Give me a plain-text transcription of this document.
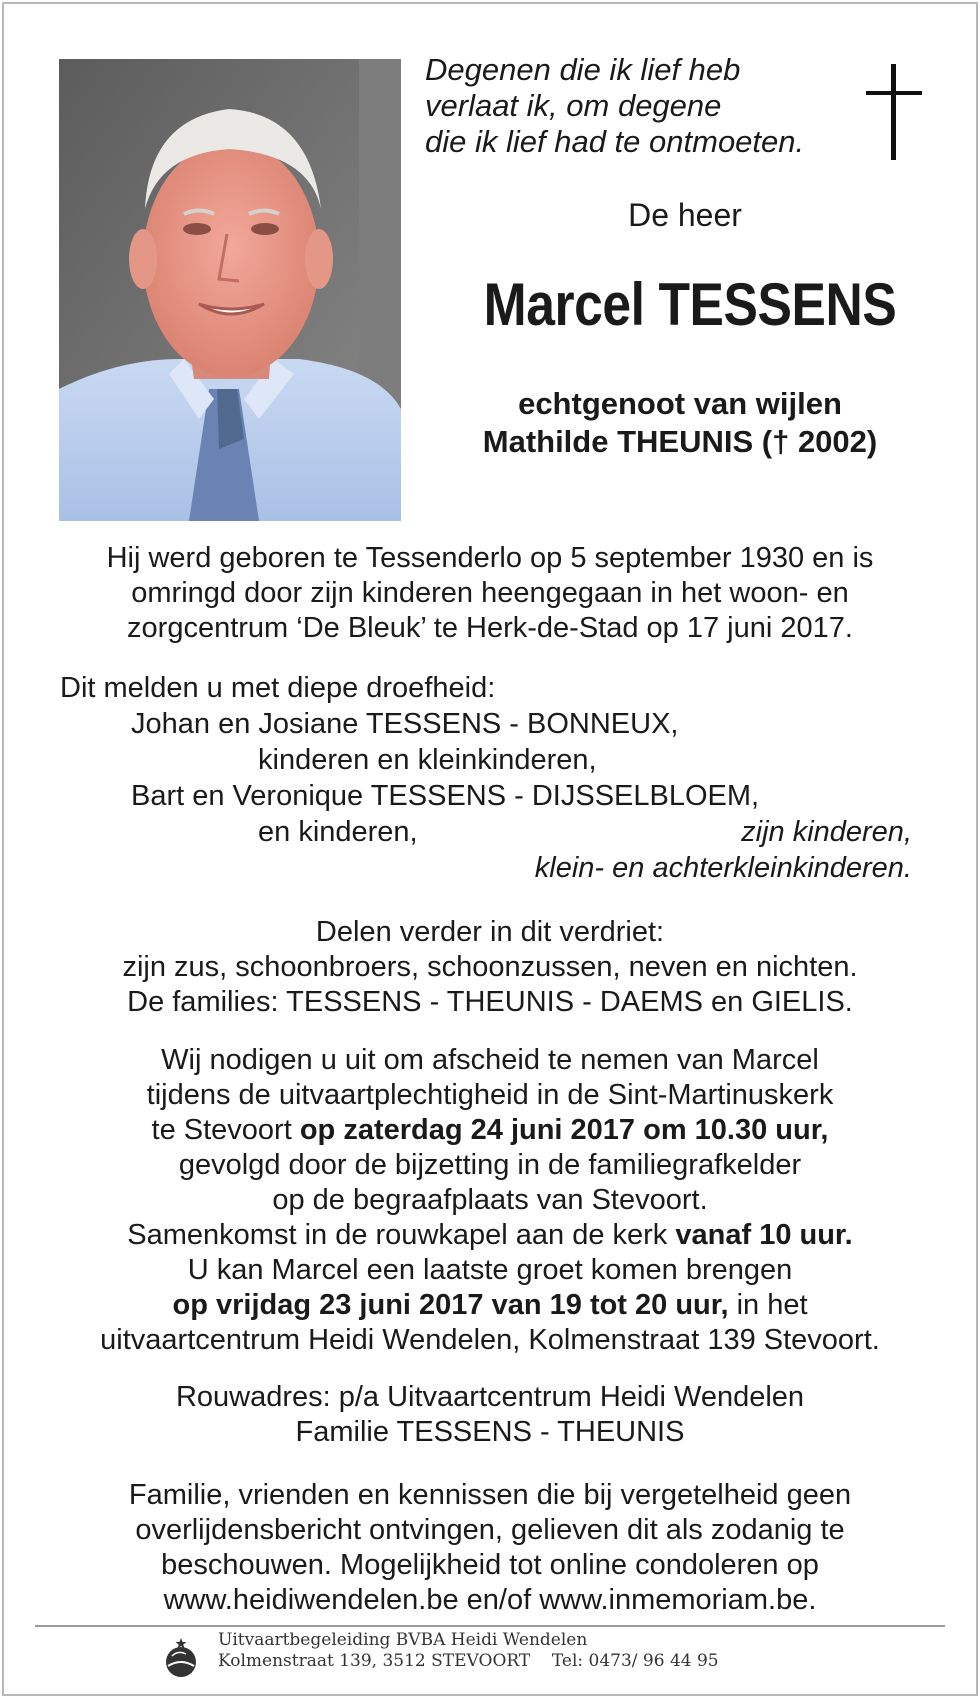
Degenen die ik lief heb
verlaat ik, om degene
die ik lief had te ontmoeten.
De heer
Marcel TESSENS
echtgenoot van wijlen
Mathilde THEUNIS († 2002)
Hij werd geboren te Tessenderlo op 5 september 1930 en is
omringd door zijn kinderen heengegaan in het woon- en
zorgcentrum ‘De Bleuk’ te Herk-de-Stad op 17 juni 2017.
Dit melden u met diepe droefheid:
Johan en Josiane TESSENS - BONNEUX,
kinderen en kleinkinderen,
Bart en Veronique TESSENS - DIJSSELBLOEM,
en kinderen,	zijn kinderen,
klein- en achterkleinkinderen.
Delen verder in dit verdriet:
zijn zus, schoonbroers, schoonzussen, neven en nichten.
De families: TESSENS - THEUNIS - DAEMS en GIELIS.
Wij nodigen u uit om afscheid te nemen van Marcel
tijdens de uitvaartplechtigheid in de Sint-Martinuskerk
te Stevoort op zaterdag 24 juni 2017 om 10.30 uur,
gevolgd door de bijzetting in de familiegrafkelder
op de begraafplaats van Stevoort.
Samenkomst in de rouwkapel aan de kerk vanaf 10 uur.
U kan Marcel een laatste groet komen brengen
op vrijdag 23 juni 2017 van 19 tot 20 uur, in het
uitvaartcentrum Heidi Wendelen, Kolmenstraat 139 Stevoort.
Rouwadres: p/a Uitvaartcentrum Heidi Wendelen
Familie TESSENS - THEUNIS
Familie, vrienden en kennissen die bij vergetelheid geen
overlijdensbericht ontvingen, gelieven dit als zodanig te
beschouwen. Mogelijkheid tot online condoleren op
www.heidiwendelen.be en/of www.inmemoriam.be.
Uitvaartbegeleiding BVBA Heidi Wendelen
Kolmenstraat 139, 3512 STEVOORT Tel: 0473/ 96 44 95
